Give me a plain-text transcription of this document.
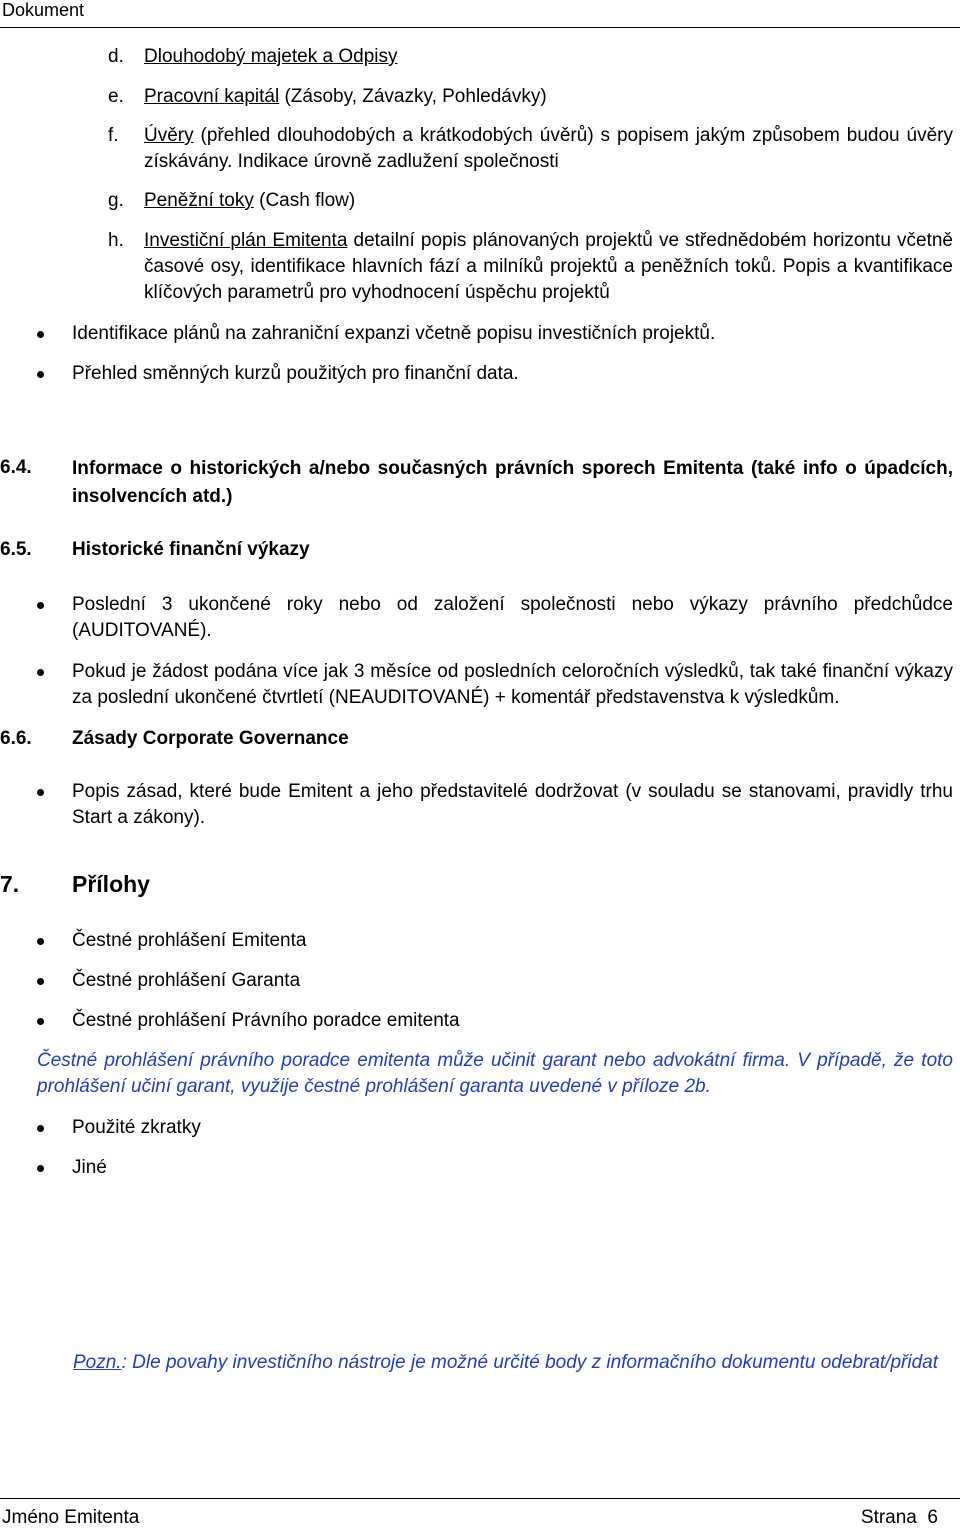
Dokument
d.	Dlouhodobý majetek a Odpisy
e.	Pracovní kapitál (Zásoby, Závazky, Pohledávky)
f.	Úvěry (přehled dlouhodobých a krátkodobých úvěrů) s popisem jakým způsobem budou úvěry získávány. Indikace úrovně zadlužení společnosti
g.	Peněžní toky (Cash flow)
h.	Investiční plán Emitenta detailní popis plánovaných projektů ve střednědobém horizontu včetně časové osy, identifikace hlavních fází a milníků projektů a peněžních toků. Popis a kvantifikace klíčových parametrů pro vyhodnocení úspěchu projektů
Identifikace plánů na zahraniční expanzi včetně popisu investičních projektů.
Přehled směnných kurzů použitých pro finanční data.
6.4. Informace o historických a/nebo současných právních sporech Emitenta (také info o úpadcích, insolvencích atd.)
6.5. Historické finanční výkazy
Poslední 3 ukončené roky nebo od založení společnosti nebo výkazy právního předchůdce (AUDITOVANÉ).
Pokud je žádost podána více jak 3 měsíce od posledních celoročních výsledků, tak také finanční výkazy za poslední ukončené čtvrtletí (NEAUDITOVANÉ) + komentář představenstva k výsledkům.
6.6. Zásady Corporate Governance
Popis zásad, které bude Emitent a jeho představitelé dodržovat (v souladu se stanovami, pravidly trhu Start a zákony).
7. Přílohy
Čestné prohlášení Emitenta
Čestné prohlášení Garanta
Čestné prohlášení Právního poradce emitenta
Čestné prohlášení právního poradce emitenta může učinit garant nebo advokátní firma. V případě, že toto prohlášení učiní garant, využije čestné prohlášení garanta uvedené v příloze 2b.
Použité zkratky
Jiné
Pozn.: Dle povahy investičního nástroje je možné určité body z informačního dokumentu odebrat/přidat
Jméno Emitenta	Strana  6
